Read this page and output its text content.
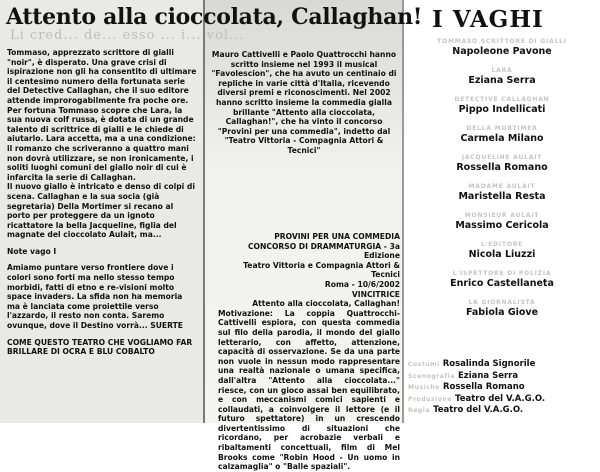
Attento alla cioccolata, Callaghan!
Li cred... de... esso ... i... vol...

Tommaso, apprezzato scrittore di gialli "noir", è disperato. Una grave crisi di ispirazione non gli ha consentito di ultimare il centesimo numero della fortunata serie del Detective Callaghan, che il suo editore attende improrogabilmente fra poche ore.

Per fortuna Tommaso scopre che Lara, la sua nuova colf russa, è dotata di un grande talento di scrittrice di gialli e le chiede di aiutarlo. Lara accetta, ma a una condizione: il romanzo che scriveranno a quattro mani non dovrà utilizzare, se non ironicamente, i soliti luoghi comuni del giallo noir di cui è infarcita la serie di Callaghan.

Il nuovo giallo è intricato e denso di colpi di scena. Callaghan e la sua socia (già segretaria) Della Mortimer si recano al porto per proteggere da un ignoto ricattatore la bella Jacqueline, figlia del magnate del cioccolato Aulait, ma...

Note vago I

Amiamo puntare verso frontiere dove i colori sono forti ma nello stesso tempo morbidi, fatti di etno e re-visioni molto space invaders. La sfida non ha memoria ma è lanciata come proiettile verso l'azzardo, il resto non conta. Saremo ovunque, dove il Destino vorrà... SUERTE

COME QUESTO TEATRO CHE VOGLIAMO FAR BRILLARE DI OCRA E BLU COBALTO

Mauro Cattivelli e Paolo Quattrocchi hanno scritto insieme nel 1993 il musical "Favolescion", che ha avuto un centinaio di repliche in varie città d'Italia, ricevendo diversi premi e riconoscimenti. Nel 2002 hanno scritto insieme la commedia gialla brillante "Attento alla cioccolata, Callaghan!", che ha vinto il concorso "Provini per una commedia", indetto dal "Teatro Vittoria - Compagnia Attori & Tecnici"
PROVINI PER UNA COMMEDIA
CONCORSO DI DRAMMATURGIA - 3a Edizione
Teatro Vittoria e Compagnia Attori & Tecnici
Roma - 10/6/2002
VINCITRICE
Attento alla cioccolata, Callaghan!
Motivazione: La coppia Quattrocchi-Cattivelli espiora, con questa commedia sul filo della parodia, il mondo del giallo letterario, con affetto, attenzione, capacità di osservazione. Se da una parte non vuole in nessun modo rappresentare una realtà nazionale o umana specifica, dall'altra "Attento alla cioccolata..." riesce, con un gioco assai ben equilibrato, e con meccanismi comici sapienti e collaudati, a coinvolgere il lettore (e il futuro spettatore) in un crescendo divertentissimo di situazioni che ricordano, per acrobazie verbali e ribaltamenti concettuali, film di Mel Brooks come "Robin Hood - Un uomo in calzamaglia" o "Balle spaziali".
I VAGHI
TOMMASO SCRITTORE DI GIALLI
Napoleone Pavone
LARA
Eziana Serra
DETECTIVE CALLAGHAN
Pippo Indellicati
DELLA MORTIMER
Carmela Milano
JACQUELINE AULAIT
Rossella Romano
MADAME AULAIT
Maristella Resta
MONSIEUR AULAIT
Massimo Cericola
L'EDITORE
Nicola Liuzzi
L'ISPETTORE DI POLIZIA
Enrico Castellaneta
LA GIORNALISTA
Fabiola Giove
Costumi Rosalinda Signorile
Scenografia Eziana Serra
Musiche Rossella Romano
Produzione Teatro del V.A.G.O.
Regia Teatro del V.A.G.O.
